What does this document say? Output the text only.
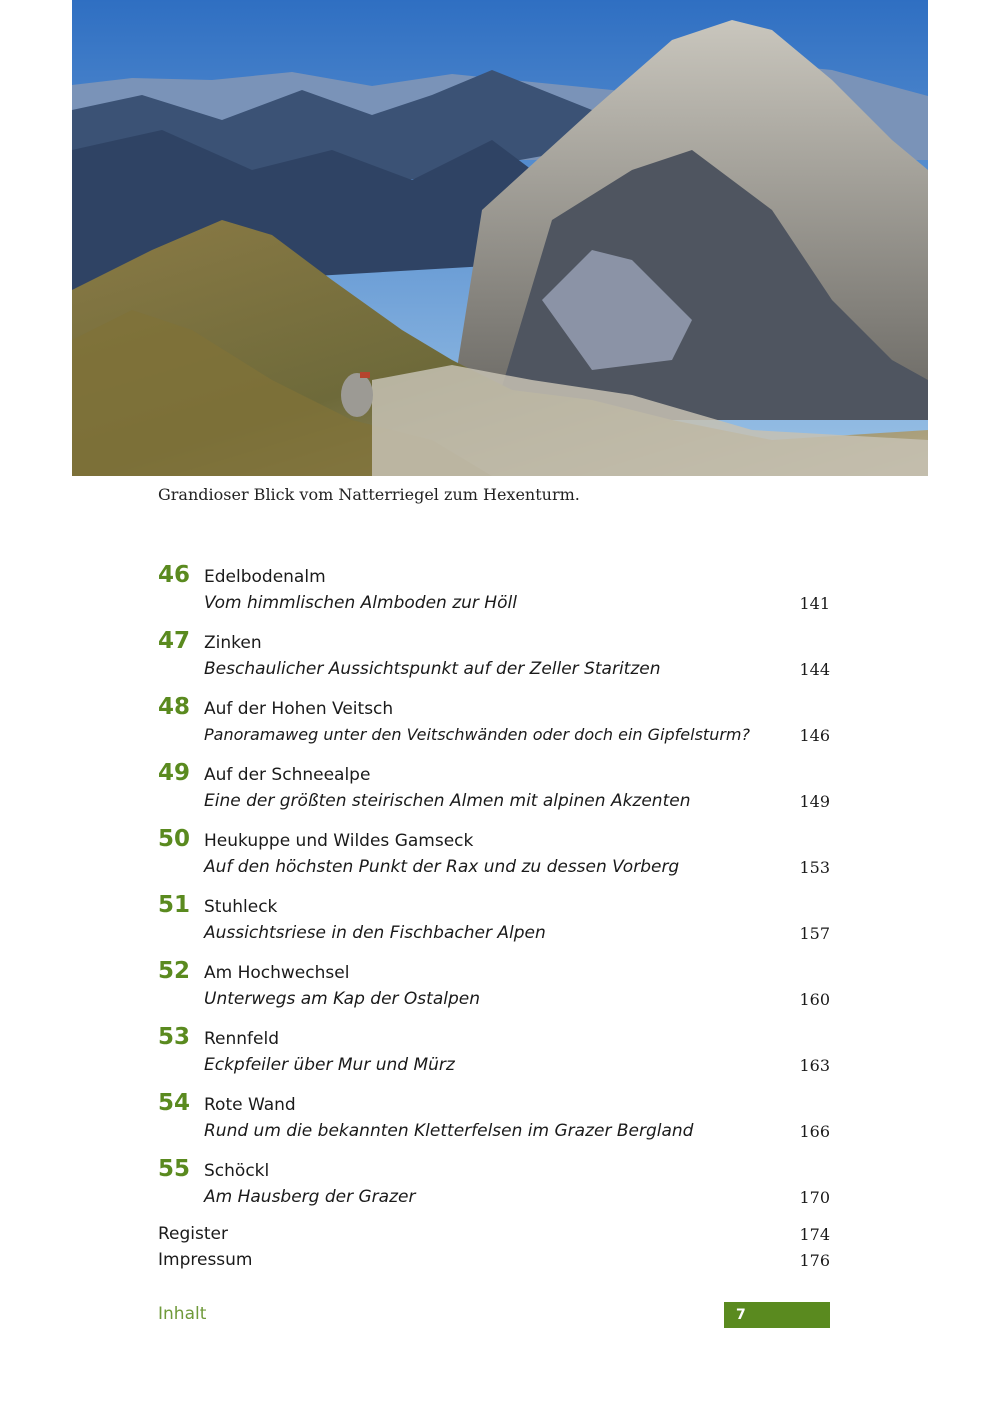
Grandioser Blick vom Natterriegel zum Hexenturm.
46 Edelbodenalm
Vom himmlischen Almboden zur Höll	141
47 Zinken
Beschaulicher Aussichtspunkt auf der Zeller Staritzen	144
48 Auf der Hohen Veitsch
Panoramaweg unter den Veitschwänden oder doch ein Gipfelsturm?	146
49 Auf der Schneealpe
Eine der größten steirischen Almen mit alpinen Akzenten	149
50 Heukuppe und Wildes Gamseck
Auf den höchsten Punkt der Rax und zu dessen Vorberg	153
51 Stuhleck
Aussichtsriese in den Fischbacher Alpen	157
52 Am Hochwechsel
Unterwegs am Kap der Ostalpen	160
53 Rennfeld
Eckpfeiler über Mur und Mürz	163
54 Rote Wand
Rund um die bekannten Kletterfelsen im Grazer Bergland	166
55 Schöckl
Am Hausberg der Grazer	170
Register	174
Impressum	176
Inhalt	7
